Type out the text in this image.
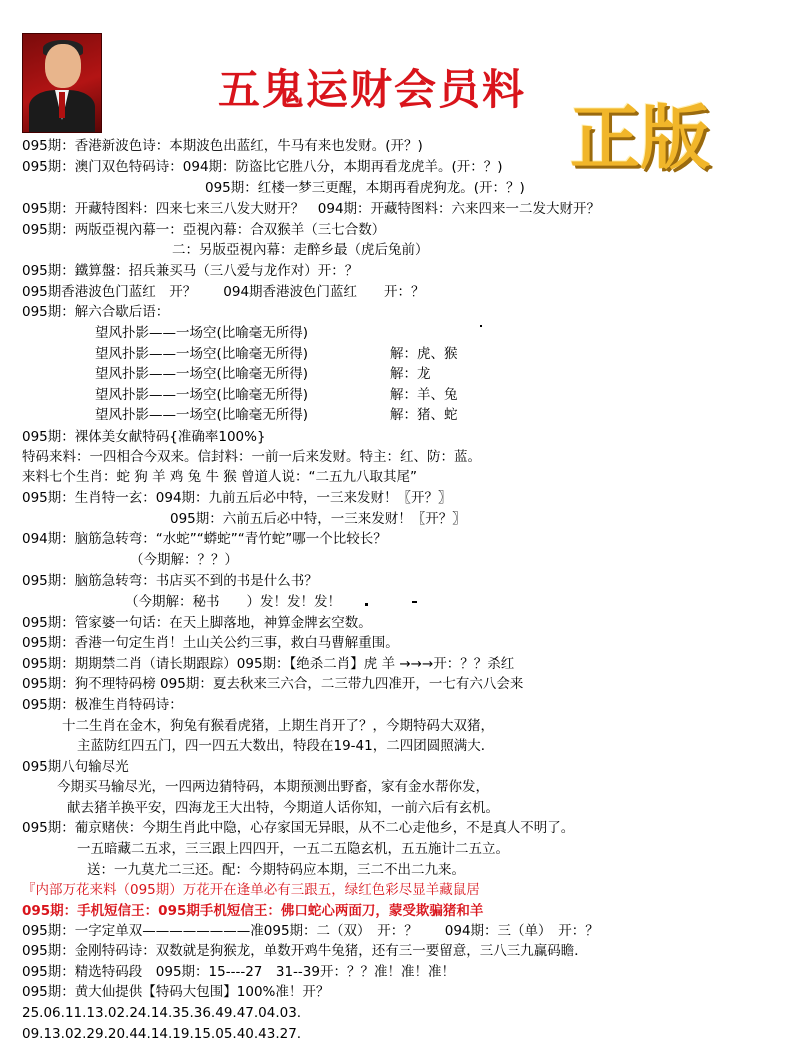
五鬼运财会员料
正版
095期：香港新波色诗：本期波色出蓝红，牛马有来也发财。(开？)
095期：澳门双色特码诗：094期：防盗比它胜八分，本期再看龙虎羊。(开：？)
095期：红楼一梦三更醒，本期再看虎狗龙。(开：？)
095期：开藏特图料：四来七来三八发大财开？　094期：开藏特图料：六来四来一二发大财开？
095期：两版亞視內幕一：亞視內幕：合双猴羊（三七合数）
二：另版亞視內幕：走醉乡最（虎后兔前）
095期：鐵算盤：招兵兼买马（三八爱与龙作对）开：？
095期香港波色门蓝红　开？　　094期香港波色门蓝红　　开：？
095期：解六合歇后语：
望风扑影——一场空(比喻毫无所得)
望风扑影——一场空(比喻毫无所得)	解：虎、猴
望风扑影——一场空(比喻毫无所得)	解：龙
望风扑影——一场空(比喻毫无所得)	解：羊、兔
望风扑影——一场空(比喻毫无所得)	解：猪、蛇
095期：裸体美女献特码{准确率100%}
特码来料：一四相合今双来。信封料：一前一后来发财。特主：红、防：蓝。
来料七个生肖：蛇 狗 羊 鸡 兔 牛 猴 曾道人说：“二五九八取其尾”
095期：生肖特一玄：094期：九前五后必中特，一三来发财！〖开？〗
095期：六前五后必中特，一三来发财！〖开？〗
094期：脑筋急转弯：“水蛇”“蟒蛇”“青竹蛇”哪一个比较长？
（今期解：？？）
095期：脑筋急转弯：书店买不到的书是什么书？
（今期解：秘书　　）发！发！发！
095期：管家婆一句话：在天上脚落地，神算金牌玄空数。
095期：香港一句定生肖！土山关公约三事，救白马曹解重围。
095期：期期禁二肖（请长期跟踪）095期：【绝杀二肖】虎 羊 →→→开：？？杀红
095期：狗不理特码榜 095期：夏去秋来三六合，二三带九四准开，一七有六八会来
095期：极准生肖特码诗：
十二生肖在金木，狗兔有猴看虎猪，上期生肖开了？，今期特码大双猪，
主蓝防红四五门，四一四五大数出，特段在19-41，二四团圆照满大．
095期八句输尽光
今期买马输尽光，一四两边猜特码，本期预测出野畜，家有金水帮你发，
献去猪羊换平安，四海龙王大出特，今期道人话你知，一前六后有玄机。
095期：葡京赌侠：今期生肖此中隐，心存家国无异眼，从不二心走他乡，不是真人不明了。
一五暗藏二五求，三三跟上四四开，一五二五隐玄机，五五施计二五立。
送：一九莫尤二三还。配：今期特码应本期，三二不出二九来。
『内部万花来料（095期）万花开在逢单必有三跟五，绿红色彩尽显羊藏鼠居
095期：手机短信王：095期手机短信王：佛口蛇心两面刀，蒙受欺骗猪和羊
095期：一字定单双————————准095期：二（双）　开：？　　094期：三（单）　开：？
095期：金刚特码诗：双数就是狗猴龙，单数开鸡牛兔猪，还有三一要留意，三八三九赢码瞻．
095期：精选特码段　095期：15----27　31--39开：？？准！准！准！
095期：黄大仙提供【特码大包围】100%准！开？
25.06.11.13.02.24.14.35.36.49.47.04.03.
09.13.02.29.20.44.14.19.15.05.40.43.27.
